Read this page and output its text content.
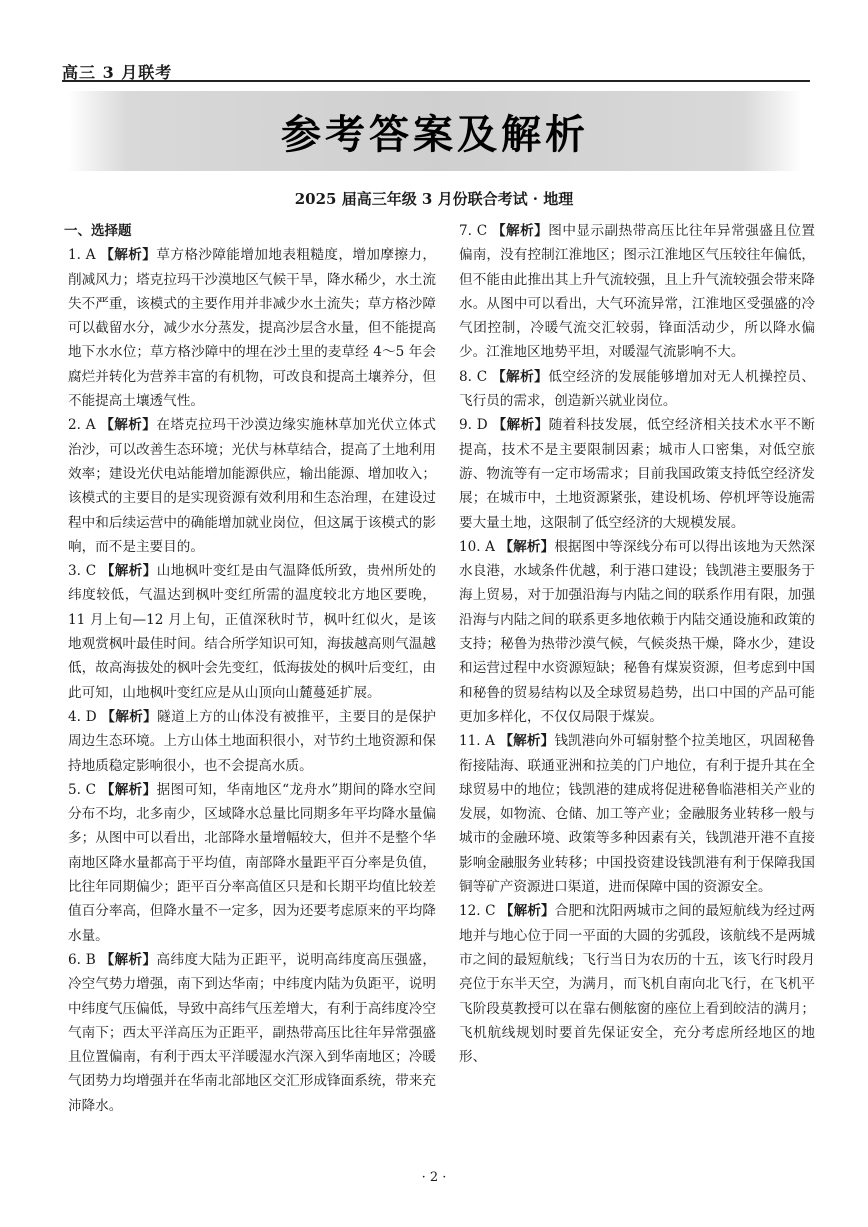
高三 3 月联考
参考答案及解析
2025 届高三年级 3 月份联合考试 · 地理

一、选择题

1. A 【解析】草方格沙障能增加地表粗糙度，增加摩擦力，削减风力；塔克拉玛干沙漠地区气候干旱，降水稀少，水土流失不严重，该模式的主要作用并非减少水土流失；草方格沙障可以截留水分，减少水分蒸发，提高沙层含水量，但不能提高地下水水位；草方格沙障中的埋在沙土里的麦草经 4～5 年会腐烂并转化为营养丰富的有机物，可改良和提高土壤养分，但不能提高土壤透气性。

2. A 【解析】在塔克拉玛干沙漠边缘实施林草加光伏立体式治沙，可以改善生态环境；光伏与林草结合，提高了土地利用效率；建设光伏电站能增加能源供应，输出能源、增加收入；该模式的主要目的是实现资源有效利用和生态治理，在建设过程中和后续运营中的确能增加就业岗位，但这属于该模式的影响，而不是主要目的。

3. C 【解析】山地枫叶变红是由气温降低所致，贵州所处的纬度较低，气温达到枫叶变红所需的温度较北方地区要晚，11 月上旬—12 月上旬，正值深秋时节，枫叶红似火，是该地观赏枫叶最佳时间。结合所学知识可知，海拔越高则气温越低，故高海拔处的枫叶会先变红，低海拔处的枫叶后变红，由此可知，山地枫叶变红应是从山顶向山麓蔓延扩展。

4. D 【解析】隧道上方的山体没有被推平，主要目的是保护周边生态环境。上方山体土地面积很小，对节约土地资源和保持地质稳定影响很小，也不会提高水质。

5. C 【解析】据图可知，华南地区“龙舟水”期间的降水空间分布不均，北多南少，区域降水总量比同期多年平均降水量偏多；从图中可以看出，北部降水量增幅较大，但并不是整个华南地区降水量都高于平均值，南部降水量距平百分率是负值，比往年同期偏少；距平百分率高值区只是和长期平均值比较差值百分率高，但降水量不一定多，因为还要考虑原来的平均降水量。

6. B 【解析】高纬度大陆为正距平，说明高纬度高压强盛，冷空气势力增强，南下到达华南；中纬度内陆为负距平，说明中纬度气压偏低，导致中高纬气压差增大，有利于高纬度冷空气南下；西太平洋高压为正距平，副热带高压比往年异常强盛且位置偏南，有利于西太平洋暖湿水汽深入到华南地区；冷暖气团势力均增强并在华南北部地区交汇形成锋面系统，带来充沛降水。

7. C 【解析】图中显示副热带高压比往年异常强盛且位置偏南，没有控制江淮地区；图示江淮地区气压较往年偏低，但不能由此推出其上升气流较强，且上升气流较强会带来降水。从图中可以看出，大气环流异常，江淮地区受强盛的冷气团控制，冷暖气流交汇较弱，锋面活动少，所以降水偏少。江淮地区地势平坦，对暖湿气流影响不大。

8. C 【解析】低空经济的发展能够增加对无人机操控员、飞行员的需求，创造新兴就业岗位。

9. D 【解析】随着科技发展，低空经济相关技术水平不断提高，技术不是主要限制因素；城市人口密集，对低空旅游、物流等有一定市场需求；目前我国政策支持低空经济发展；在城市中，土地资源紧张，建设机场、停机坪等设施需要大量土地，这限制了低空经济的大规模发展。

10. A 【解析】根据图中等深线分布可以得出该地为天然深水良港，水域条件优越，利于港口建设；钱凯港主要服务于海上贸易，对于加强沿海与内陆之间的联系作用有限，加强沿海与内陆之间的联系更多地依赖于内陆交通设施和政策的支持；秘鲁为热带沙漠气候，气候炎热干燥，降水少，建设和运营过程中水资源短缺；秘鲁有煤炭资源，但考虑到中国和秘鲁的贸易结构以及全球贸易趋势，出口中国的产品可能更加多样化，不仅仅局限于煤炭。

11. A 【解析】钱凯港向外可辐射整个拉美地区，巩固秘鲁衔接陆海、联通亚洲和拉美的门户地位，有利于提升其在全球贸易中的地位；钱凯港的建成将促进秘鲁临港相关产业的发展，如物流、仓储、加工等产业；金融服务业转移一般与城市的金融环境、政策等多种因素有关，钱凯港开港不直接影响金融服务业转移；中国投资建设钱凯港有利于保障我国铜等矿产资源进口渠道，进而保障中国的资源安全。

12. C 【解析】合肥和沈阳两城市之间的最短航线为经过两地并与地心位于同一平面的大圆的劣弧段，该航线不是两城市之间的最短航线；飞行当日为农历的十五，该飞行时段月亮位于东半天空，为满月，而飞机自南向北飞行，在飞机平飞阶段莫教授可以在靠右侧舷窗的座位上看到皎洁的满月；飞机航线规划时要首先保证安全，充分考虑所经地区的地形、

· 2 ·
